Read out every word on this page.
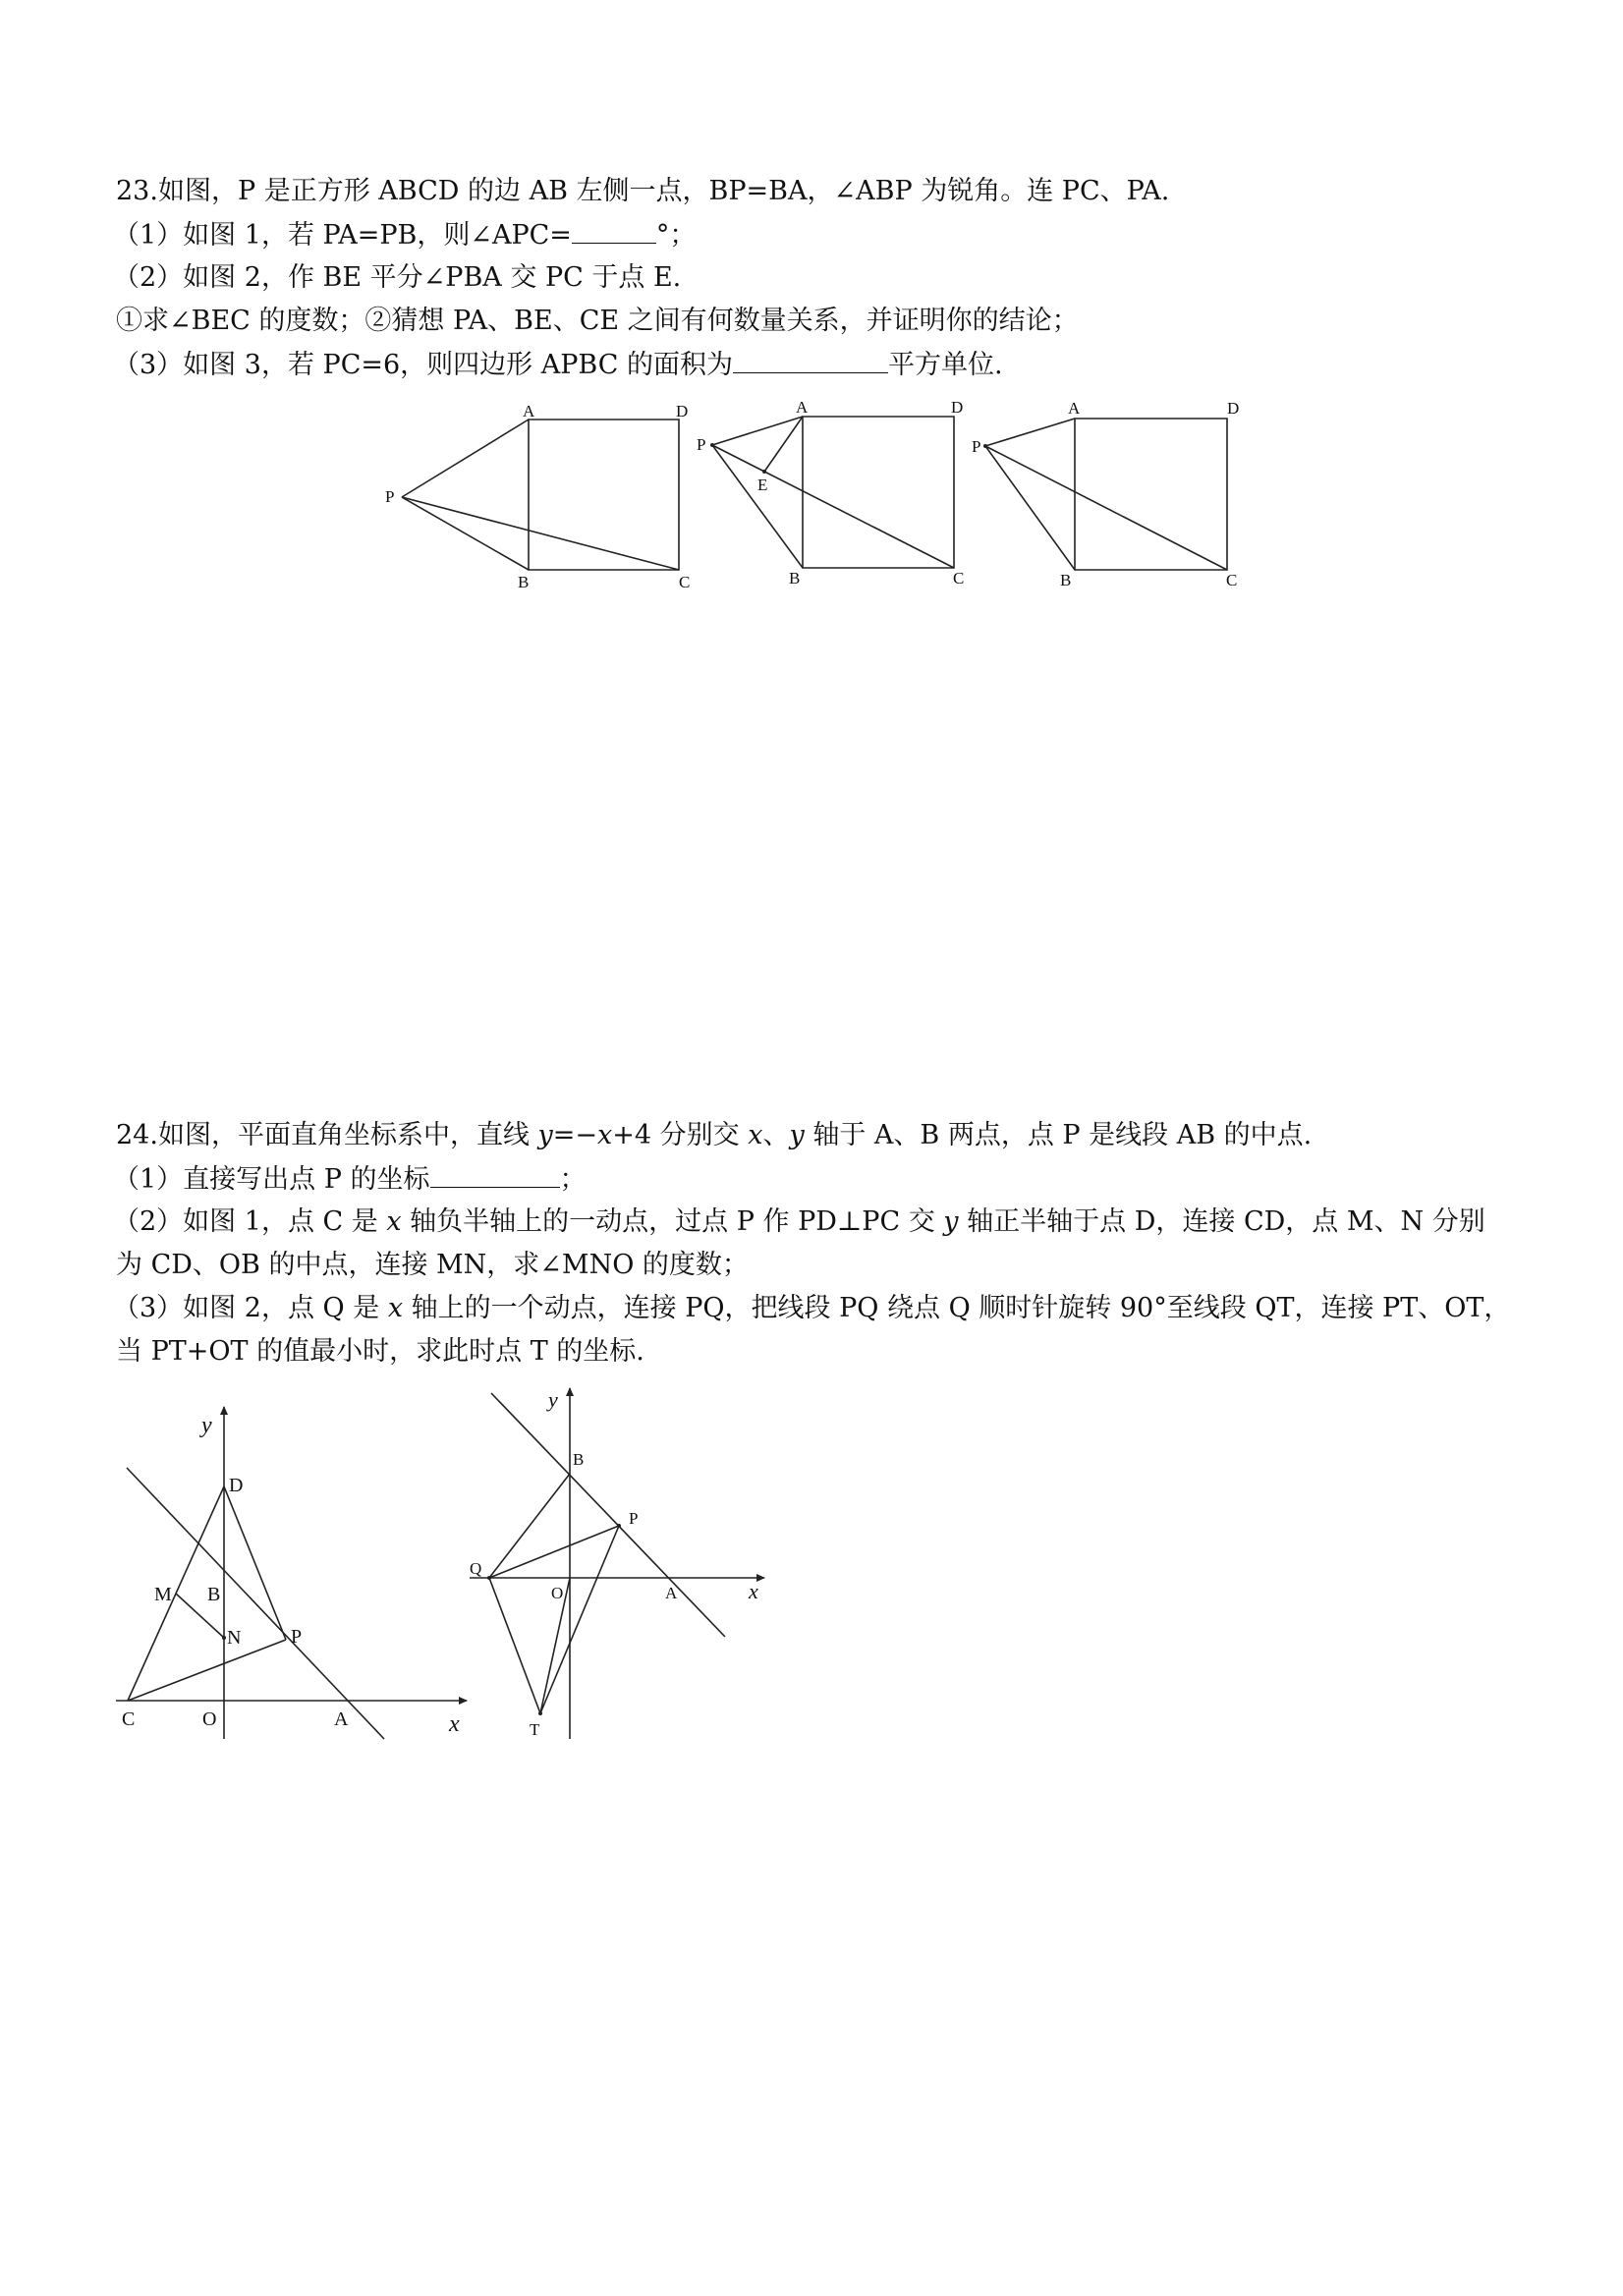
23.如图，P 是正方形 ABCD 的边 AB 左侧一点，BP=BA，∠ABP 为锐角。连 PC、PA.
（1）如图 1，若 PA=PB，则∠APC=	°；
（2）如图 2，作 BE 平分∠PBA 交 PC 于点 E.
①求∠BEC 的度数；②猜想 PA、BE、CE 之间有何数量关系，并证明你的结论；
（3）如图 3，若 PC=6，则四边形 APBC 的面积为	平方单位.
A	D
P
B	C
A	D
P
E
B	C
A	D
P
B	C
24.如图，平面直角坐标系中，直线 y=−x+4 分别交 x、y 轴于 A、B 两点，点 P 是线段 AB 的中点.
（1）直接写出点 P 的坐标	；
（2）如图 1，点 C 是 x 轴负半轴上的一动点，过点 P 作 PD⊥PC 交 y 轴正半轴于点 D，连接 CD，点 M、N 分别
为 CD、OB 的中点，连接 MN，求∠MNO 的度数；
（3）如图 2，点 Q 是 x 轴上的一个动点，连接 PQ，把线段 PQ 绕点 Q 顺时针旋转 90°至线段 QT，连接 PT、OT，
当 PT+OT 的值最小时，求此时点 T 的坐标.
y
x
D
M B
N	P
C	O	A
y
x
B
P
Q
O	A
T
